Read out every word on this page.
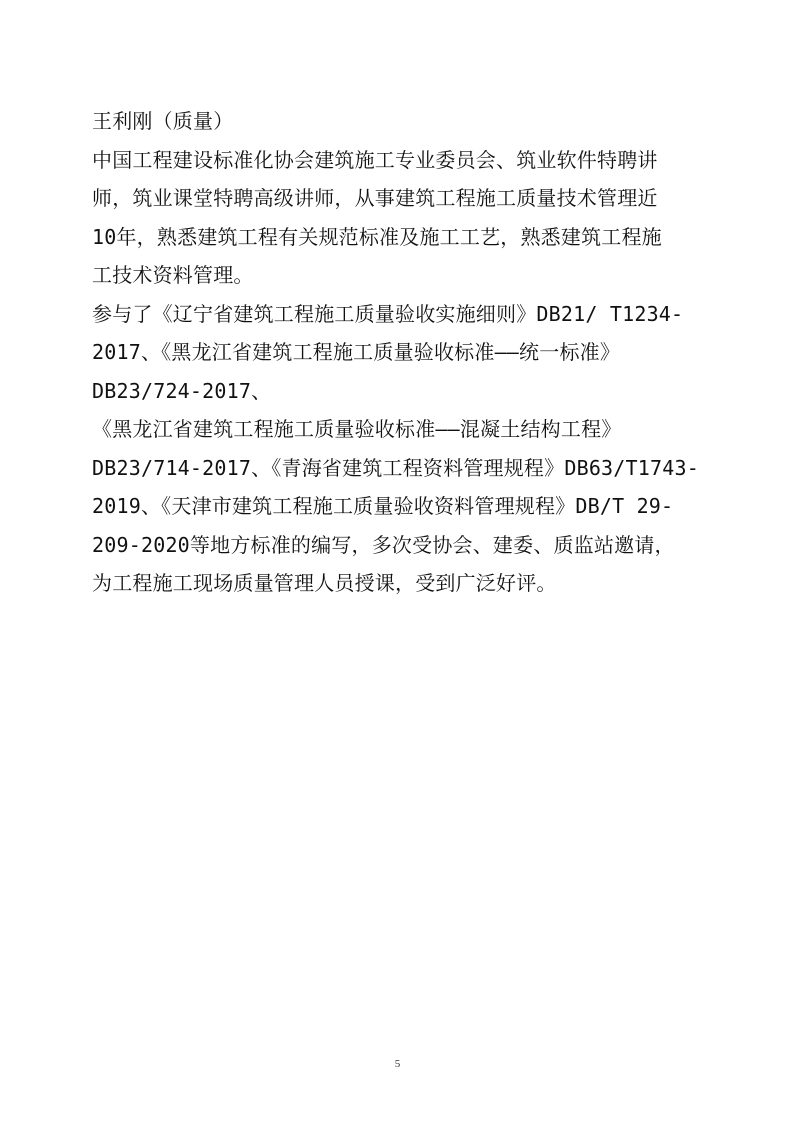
王利刚（质量）
中国工程建设标准化协会建筑施工专业委员会、筑业软件特聘讲
师，筑业课堂特聘高级讲师，从事建筑工程施工质量技术管理近
10年，熟悉建筑工程有关规范标准及施工工艺，熟悉建筑工程施
工技术资料管理。
参与了《辽宁省建筑工程施工质量验收实施细则》DB21/ T1234-
2017、《黑龙江省建筑工程施工质量验收标准——统一标准》
DB23/724-2017、
《黑龙江省建筑工程施工质量验收标准——混凝土结构工程》
DB23/714-2017、《青海省建筑工程资料管理规程》DB63/T1743-
2019、《天津市建筑工程施工质量验收资料管理规程》DB/T 29-
209-2020等地方标准的编写，多次受协会、建委、质监站邀请，
为工程施工现场质量管理人员授课，受到广泛好评。
5
